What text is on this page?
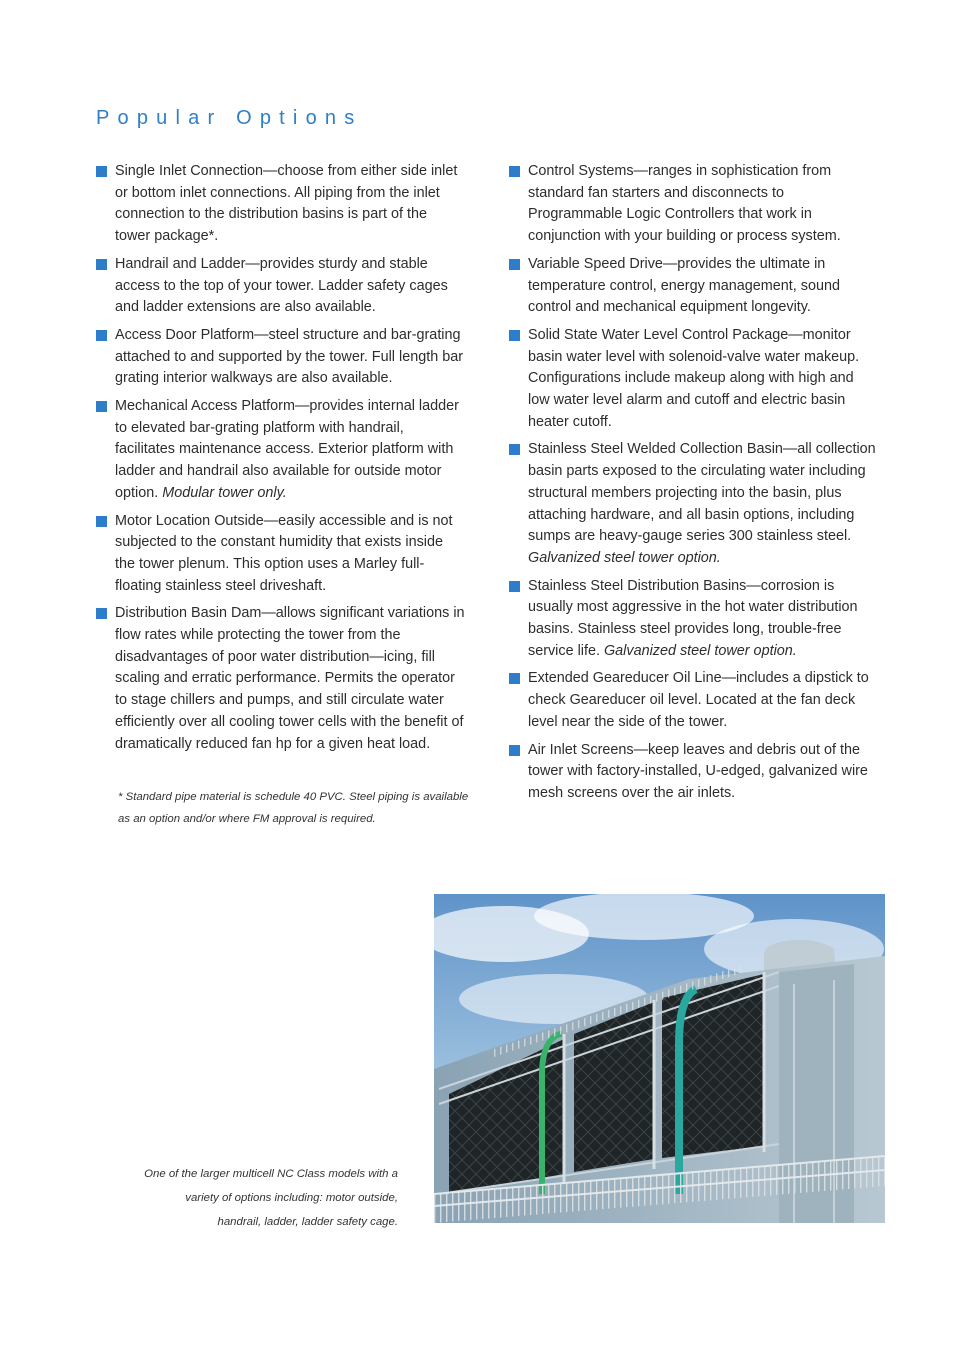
Popular Options
Single Inlet Connection—choose from either side inlet or bottom inlet connections. All piping from the inlet connection to the distribution basins is part of the tower package*.
Handrail and Ladder—provides sturdy and stable access to the top of your tower. Ladder safety cages and ladder extensions are also available.
Access Door Platform—steel structure and bar-grating attached to and supported by the tower. Full length bar grating interior walkways are also available.
Mechanical Access Platform—provides internal ladder to elevated bar-grating platform with handrail, facilitates maintenance access. Exterior platform with ladder and handrail also available for outside motor option. Modular tower only.
Motor Location Outside—easily accessible and is not subjected to the constant humidity that exists inside the tower plenum. This option uses a Marley full-floating stainless steel driveshaft.
Distribution Basin Dam—allows significant variations in flow rates while protecting the tower from the disadvantages of poor water distribution—icing, fill scaling and erratic performance. Permits the operator to stage chillers and pumps, and still circulate water efficiently over all cooling tower cells with the benefit of dramatically reduced fan hp for a given heat load.
Control Systems—ranges in sophistication from standard fan starters and disconnects to Programmable Logic Controllers that work in conjunction with your building or process system.
Variable Speed Drive—provides the ultimate in temperature control, energy management, sound control and mechanical equipment longevity.
Solid State Water Level Control Package—monitor basin water level with solenoid-valve water makeup. Configurations include makeup along with high and low water level alarm and cutoff and electric basin heater cutoff.
Stainless Steel Welded Collection Basin—all collection basin parts exposed to the circulating water including structural members projecting into the basin, plus attaching hardware, and all basin options, including sumps are heavy-gauge series 300 stainless steel. Galvanized steel tower option.
Stainless Steel Distribution Basins—corrosion is usually most aggressive in the hot water distribution basins. Stainless steel provides long, trouble-free service life. Galvanized steel tower option.
Extended Geareducer Oil Line—includes a dipstick to check Geareducer oil level. Located at the fan deck level near the side of the tower.
Air Inlet Screens—keep leaves and debris out of the tower with factory-installed, U-edged, galvanized wire mesh screens over the air inlets.

* Standard pipe material is schedule 40 PVC. Steel piping is available as an option and/or where FM approval is required.

One of the larger multicell NC Class models with a variety of options including: motor outside, handrail, ladder, ladder safety cage.
